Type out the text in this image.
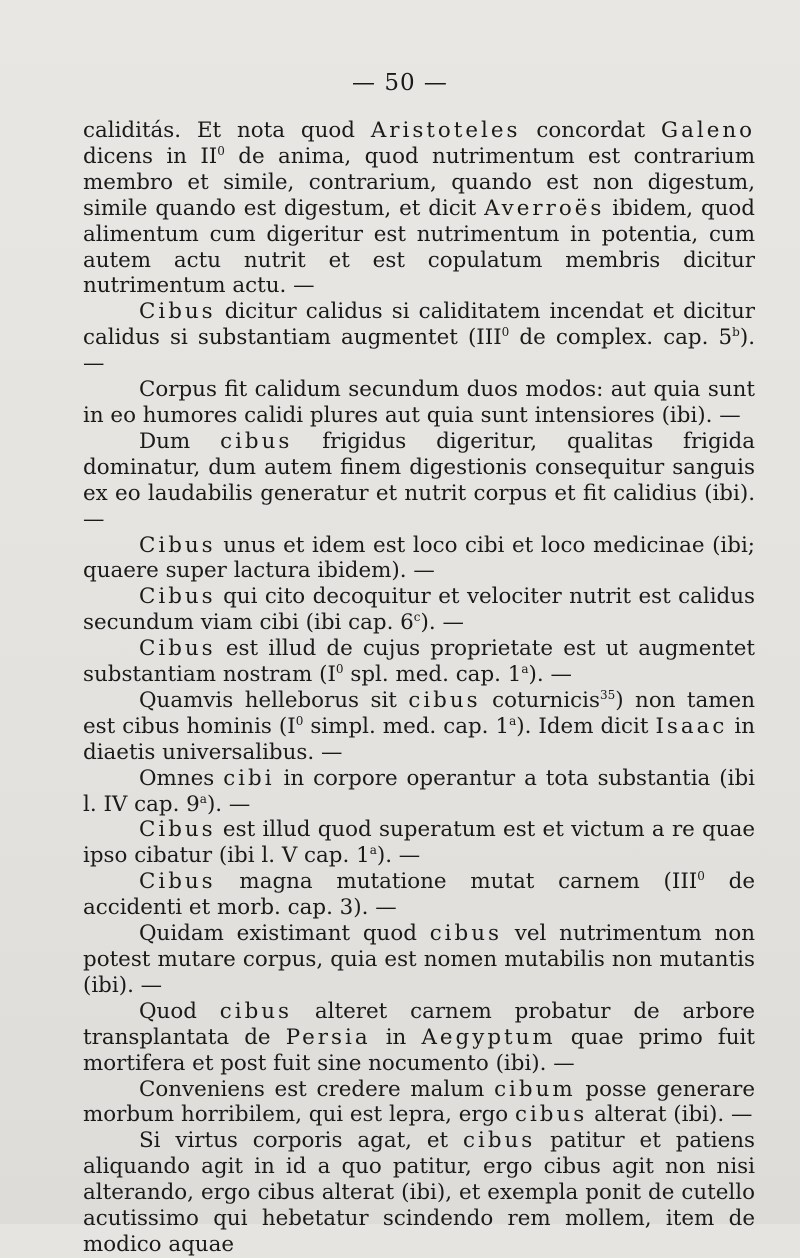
— 50 —

caliditás. Et nota quod Aristoteles concordat Galeno dicens in $II^0$ de anima, quod nutrimentum est contrarium membro et simile, contrarium, quando est non digestum, simile quando est digestum, et dicit Averroës ibidem, quod alimentum cum digeritur est nutrimentum in potentia, cum autem actu nutrit et est copulatum membris dicitur nutrimentum actu. —

Cibus dicitur calidus si caliditatem incendat et dicitur calidus si substantiam augmentet (III$^0$ de complex. cap. 5$^b$). —

Corpus fit calidum secundum duos modos: aut quia sunt in eo humores calidi plures aut quia sunt intensiores (ibi). —

Dum cibus frigidus digeritur, qualitas frigida dominatur, dum autem finem digestionis consequitur sanguis ex eo laudabilis generatur et nutrit corpus et fit calidius (ibi). —

Cibus unus et idem est loco cibi et loco medicinae (ibi; quaere super lactura ibidem). —

Cibus qui cito decoquitur et velociter nutrit est calidus secundum viam cibi (ibi cap. 6$^c$). —

Cibus est illud de cujus proprietate est ut augmentet substantiam nostram ($I^0$ spl. med. cap. 1$^a$). —

Quamvis helleborus sit cibus coturnicis$^{35}$) non tamen est cibus hominis ($I^0$ simpl. med. cap. 1$^a$). Idem dicit Isaac in diaetis universalibus. —

Omnes cibi in corpore operantur a tota substantia (ibi l. IV cap. 9$^a$). —

Cibus est illud quod superatum est et victum a re quae ipso cibatur (ibi l. V cap. 1$^a$). —

Cibus magna mutatione mutat carnem (III$^0$ de accidenti et morb. cap. 3). —

Quidam existimant quod cibus vel nutrimentum non potest mutare corpus, quia est nomen mutabilis non mutantis (ibi). —

Quod cibus alteret carnem probatur de arbore transplantata de Persia in Aegyptum quae primo fuit mortifera et post fuit sine nocumento (ibi). —

Conveniens est credere malum cibum posse generare morbum horribilem, qui est lepra, ergo cibus alterat (ibi). —

Si virtus corporis agat, et cibus patitur et patiens aliquando agit in id a quo patitur, ergo cibus agit non nisi alterando, ergo cibus alterat (ibi), et exempla ponit de cutello acutissimo qui hebetatur scindendo rem mollem, item de modico aquae
